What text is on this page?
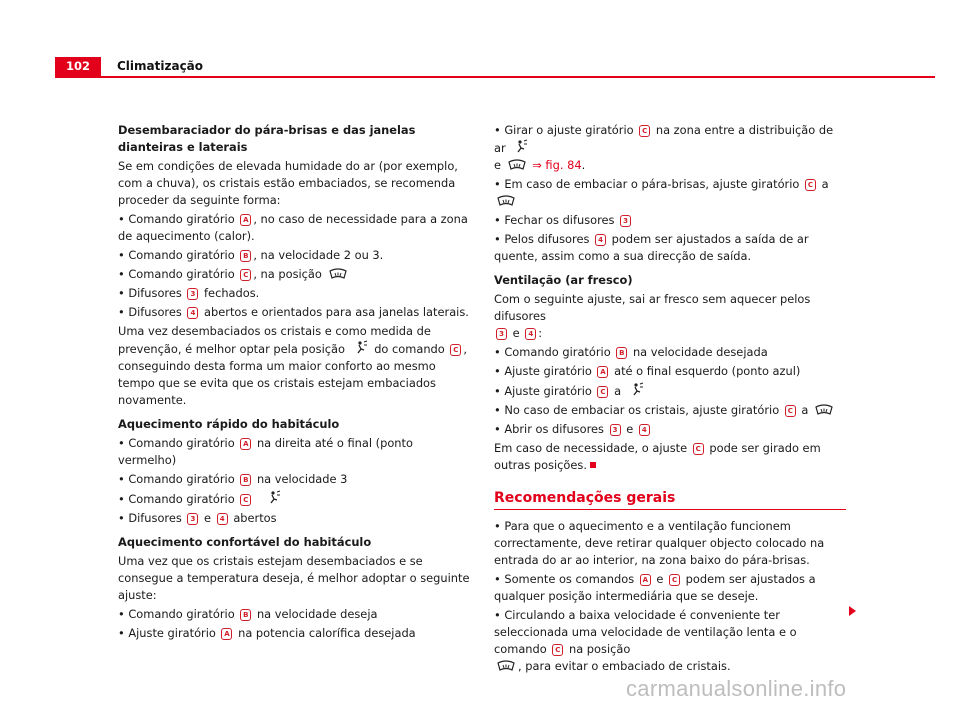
102	Climatização
Desembaraciador do pára-brisas e das janelas dianteiras e laterais

Se em condições de elevada humidade do ar (por exemplo, com a chuva), os cristais estão embaciados, se recomenda proceder da seguinte forma:

• Comando giratório A , no caso de necessidade para a zona de aquecimento (calor).

• Comando giratório B , na velocidade 2 ou 3.

• Comando giratório C , na posição

• Difusores 3 fechados.

• Difusores 4 abertos e orientados para asa janelas laterais.

Uma vez desembaciados os cristais e como medida de prevenção, é melhor optar pela posição	do comando C , conseguindo desta forma um maior conforto ao mesmo tempo que se evita que os cristais estejam embaciados novamente.

Aquecimento rápido do habitáculo

• Comando giratório A na direita até o final (ponto vermelho)

• Comando giratório B na velocidade 3

• Comando giratório C

• Difusores 3 e 4 abertos

Aquecimento confortável do habitáculo

Uma vez que os cristais estejam desembaciados e se consegue a temperatura deseja, é melhor adoptar o seguinte ajuste:

• Comando giratório B na velocidade deseja

• Ajuste giratório A na potencia calorífica desejada

• Girar o ajuste giratório C na zona entre a distribuição de ar
e	⇒ fig. 84.

• Em caso de embaciar o pára-brisas, ajuste giratório C a

• Fechar os difusores 3

• Pelos difusores 4 podem ser ajustados a saída de ar quente, assim como a sua direcção de saída.

Ventilação (ar fresco)

Com o seguinte ajuste, sai ar fresco sem aquecer pelos difusores
3 e 4 :

• Comando giratório B na velocidade desejada

• Ajuste giratório A até o final esquerdo (ponto azul)

• Ajuste giratório C a

• No caso de embaciar os cristais, ajuste giratório C a

• Abrir os difusores 3 e 4

Em caso de necessidade, o ajuste C pode ser girado em outras posições.

Recomendações gerais

• Para que o aquecimento e a ventilação funcionem correctamente, deve retirar qualquer objecto colocado na entrada do ar ao interior, na zona baixo do pára-brisas.

• Somente os comandos A e C podem ser ajustados a qualquer posição intermediária que se deseje.

• Circulando a baixa velocidade é conveniente ter seleccionada uma velocidade de ventilação lenta e o comando C na posição
, para evitar o embaciado de cristais.

carmanualsonline.info
